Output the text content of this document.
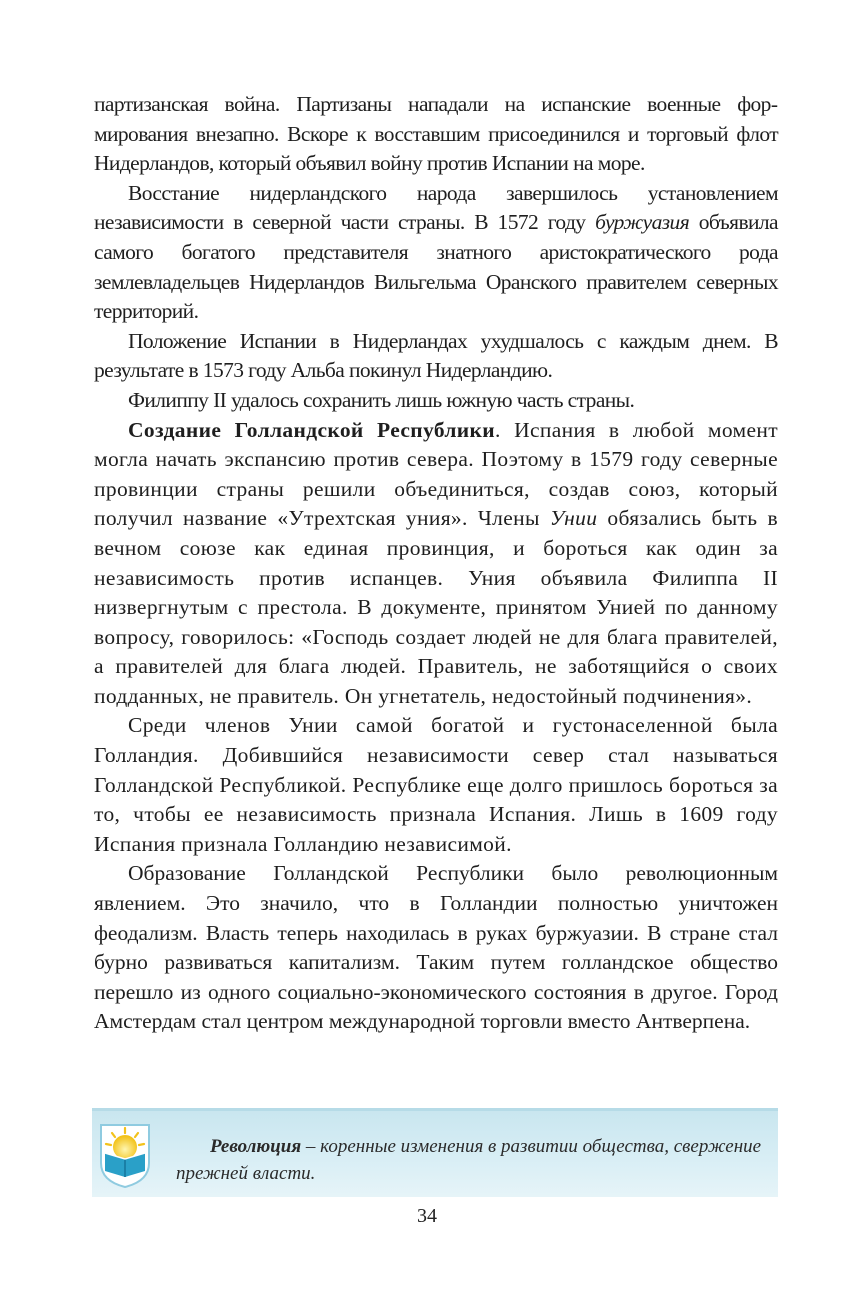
партизанская война. Партизаны нападали на испанские военные формирования внезапно. Вскоре к восставшим присоединился и торговый флот Нидерландов, который объявил войну против Испании на море.

Восстание нидерландского народа завершилось установлением независимости в северной части страны. В 1572 году буржуазия объявила самого богатого представителя знатного аристократического рода землевладельцев Нидерландов Вильгельма Оранского правителем северных территорий.

Положение Испании в Нидерландах ухудшалось с каждым днем. В результате в 1573 году Альба покинул Нидерландию.

Филиппу II удалось сохранить лишь южную часть страны.

Создание Голландской Республики. Испания в любой момент могла начать экспансию против севера. Поэтому в 1579 году северные провинции страны решили объединиться, создав союз, который получил название «Утрехтская уния». Члены Унии обязались быть в вечном союзе как единая провинция, и бороться как один за независимость против испанцев. Уния объявила Филиппа II низвергнутым с престола. В документе, принятом Унией по данному вопросу, говорилось: «Господь создает людей не для блага правителей, а правителей для блага людей. Правитель, не заботящийся о своих подданных, не правитель. Он угнетатель, недостойный подчинения».

Среди членов Унии самой богатой и густонаселенной была Голландия. Добившийся независимости север стал называться Голландской Республикой. Республике еще долго пришлось бороться за то, чтобы ее независимость признала Испания. Лишь в 1609 году Испания признала Голландию независимой.

Образование Голландской Республики было революционным явлением. Это значило, что в Голландии полностью уничтожен феодализм. Власть теперь находилась в руках буржуазии. В стране стал бурно развиваться капитализм. Таким путем голландское общество перешло из одного социально-экономического состояния в другое. Город Амстердам стал центром международной торговли вместо Антверпена.

Революция – коренные изменения в развитии общества, свержение прежней власти.
34
